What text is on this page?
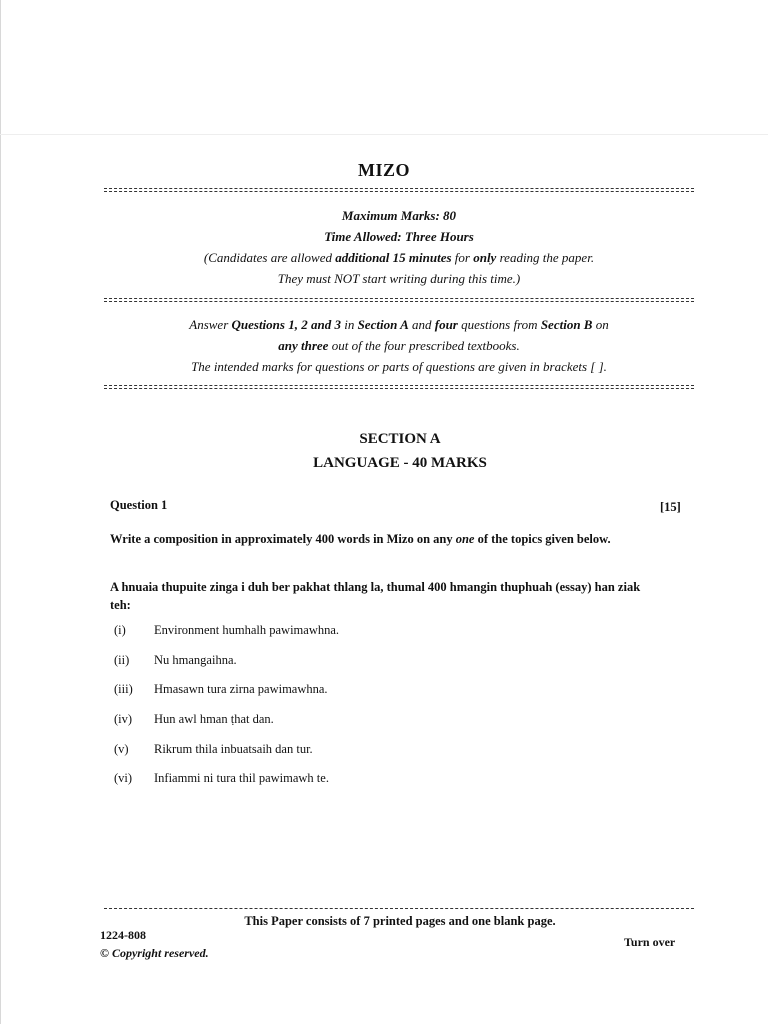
MIZO
Maximum Marks: 80
Time Allowed: Three Hours
(Candidates are allowed additional 15 minutes for only reading the paper.
They must NOT start writing during this time.)
Answer Questions 1, 2 and 3 in Section A and four questions from Section B on
any three out of the four prescribed textbooks.
The intended marks for questions or parts of questions are given in brackets [ ].
SECTION A
LANGUAGE - 40 MARKS
Question 1	[15]
Write a composition in approximately 400 words in Mizo on any one of the topics given below.
A hnuaia thupuite zinga i duh ber pakhat thlang la, thumal 400 hmangin thuphuah (essay) han ziak teh:
(i) Environment humhalh pawimawhna.
(ii) Nu hmangaihna.
(iii) Hmasawn tura zirna pawimawhna.
(iv) Hun awl hman ṭhat dan.
(v) Rikrum thila inbuatsaih dan tur.
(vi) Infiammi ni tura thil pawimawh te.
This Paper consists of 7 printed pages and one blank page.
1224-808
© Copyright reserved.
Turn over
